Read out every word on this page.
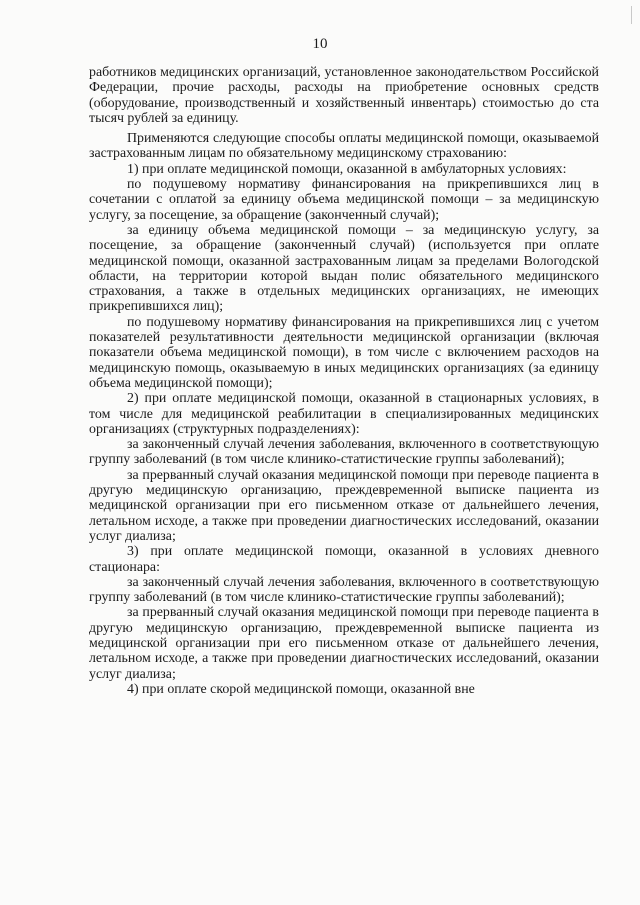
10

работников медицинских организаций, установленное законодательством Российской Федерации, прочие расходы, расходы на приобретение основных средств (оборудование, производственный и хозяйственный инвентарь) стоимостью до ста тысяч рублей за единицу.

Применяются следующие способы оплаты медицинской помощи, оказываемой застрахованным лицам по обязательному медицинскому страхованию:

1) при оплате медицинской помощи, оказанной в амбулаторных условиях:

по подушевому нормативу финансирования на прикрепившихся лиц в сочетании с оплатой за единицу объема медицинской помощи – за медицинскую услугу, за посещение, за обращение (законченный случай);

за единицу объема медицинской помощи – за медицинскую услугу, за посещение, за обращение (законченный случай) (используется при оплате медицинской помощи, оказанной застрахованным лицам за пределами Вологодской области, на территории которой выдан полис обязательного медицинского страхования, а также в отдельных медицинских организациях, не имеющих прикрепившихся лиц);

по подушевому нормативу финансирования на прикрепившихся лиц с учетом показателей результативности деятельности медицинской организации (включая показатели объема медицинской помощи), в том числе с включением расходов на медицинскую помощь, оказываемую в иных медицинских организациях (за единицу объема медицинской помощи);

2) при оплате медицинской помощи, оказанной в стационарных условиях, в том числе для медицинской реабилитации в специализированных медицинских организациях (структурных подразделениях):

за законченный случай лечения заболевания, включенного в соответствующую группу заболеваний (в том числе клинико-статистические группы заболеваний);

за прерванный случай оказания медицинской помощи при переводе пациента в другую медицинскую организацию, преждевременной выписке пациента из медицинской организации при его письменном отказе от дальнейшего лечения, летальном исходе, а также при проведении диагностических исследований, оказании услуг диализа;

3) при оплате медицинской помощи, оказанной в условиях дневного стационара:

за законченный случай лечения заболевания, включенного в соответствующую группу заболеваний (в том числе клинико-статистические группы заболеваний);

за прерванный случай оказания медицинской помощи при переводе пациента в другую медицинскую организацию, преждевременной выписке пациента из медицинской организации при его письменном отказе от дальнейшего лечения, летальном исходе, а также при проведении диагностических исследований, оказании услуг диализа;

4) при оплате скорой медицинской помощи, оказанной вне
